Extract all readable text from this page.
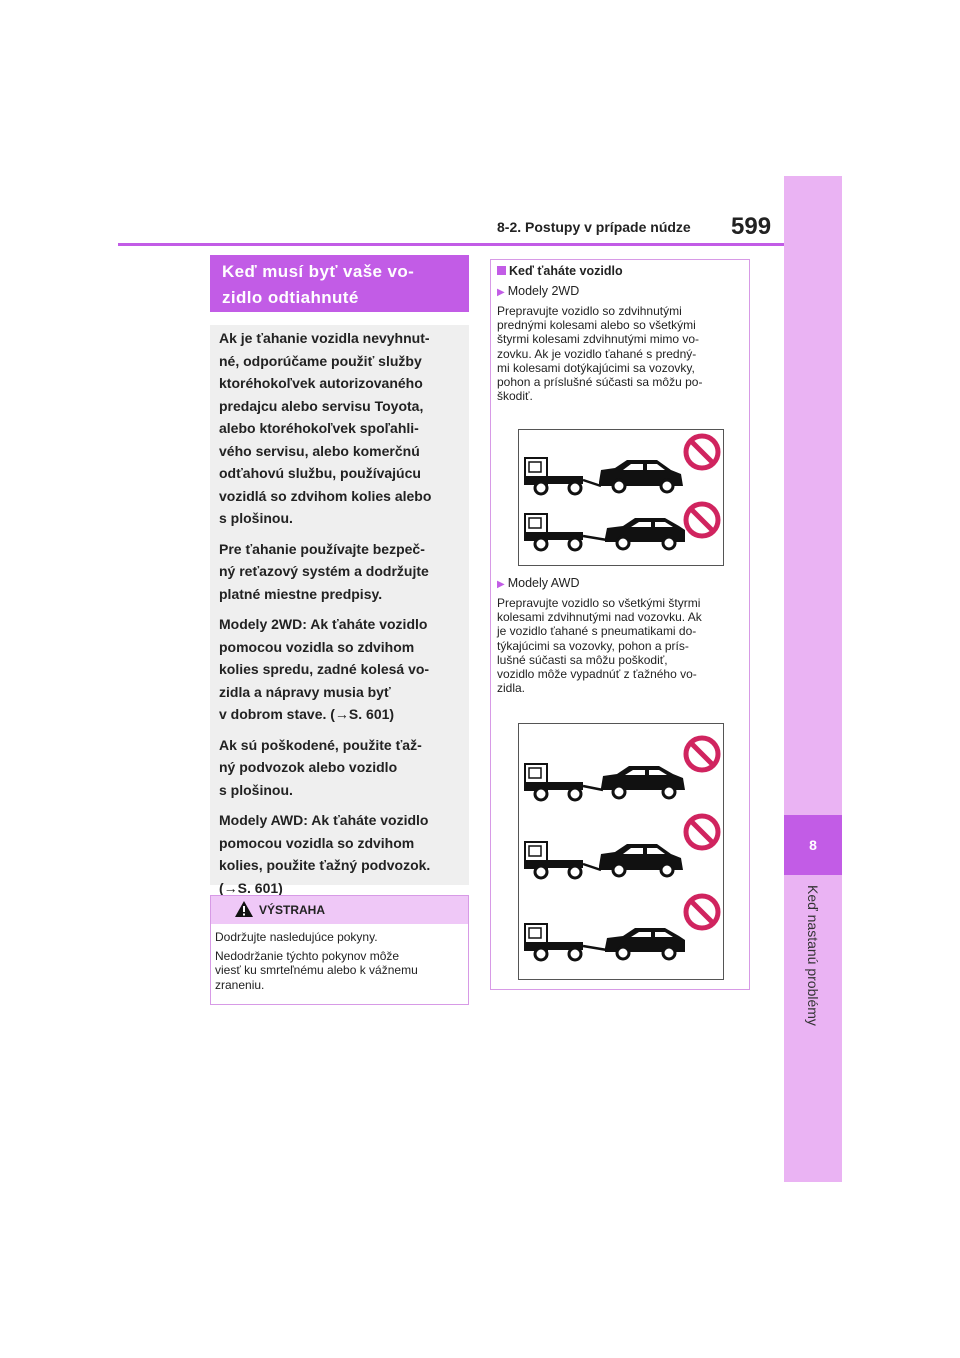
8
Keď nastanú problémy
8-2. Postupy v prípade núdze 599
Keď musí byť vaše vo-
zidlo odtiahnuté

Ak je ťahanie vozidla nevyhnut-
né, odporúčame použiť služby
ktoréhokoľvek autorizovaného
predajcu alebo servisu Toyota,
alebo ktoréhokoľvek spoľahli-
vého servisu, alebo komerčnú
odťahovú službu, používajúcu
vozidlá so zdvihom kolies alebo
s plošinou.

Pre ťahanie používajte bezpeč-
ný reťazový systém a dodržujte
platné miestne predpisy.

Modely 2WD: Ak ťaháte vozidlo
pomocou vozidla so zdvihom
kolies spredu, zadné kolesá vo-
zidla a nápravy musia byť
v dobrom stave. (→S. 601)

Ak sú poškodené, použite ťaž-
ný podvozok alebo vozidlo
s plošinou.

Modely AWD: Ak ťaháte vozidlo
pomocou vozidla so zdvihom
kolies, použite ťažný podvozok.
(→S. 601)

VÝSTRAHA

Dodržujte nasledujúce pokyny.

Nedodržanie týchto pokynov môže
viesť ku smrteľnému alebo k vážnemu
zraneniu.

Keď ťaháte vozidlo
▶ Modely 2WD

Prepravujte vozidlo so zdvihnutými
prednými kolesami alebo so všetkými
štyrmi kolesami zdvihnutými mimo vo-
zovku. Ak je vozidlo ťahané s predný-
mi kolesami dotýkajúcimi sa vozovky,
pohon a príslušné súčasti sa môžu po-
škodiť.

▶ Modely AWD

Prepravujte vozidlo so všetkými štyrmi
kolesami zdvihnutými nad vozovku. Ak
je vozidlo ťahané s pneumatikami do-
týkajúcimi sa vozovky, pohon a prís-
lušné súčasti sa môžu poškodiť,
vozidlo môže vypadnúť z ťažného vo-
zidla.
